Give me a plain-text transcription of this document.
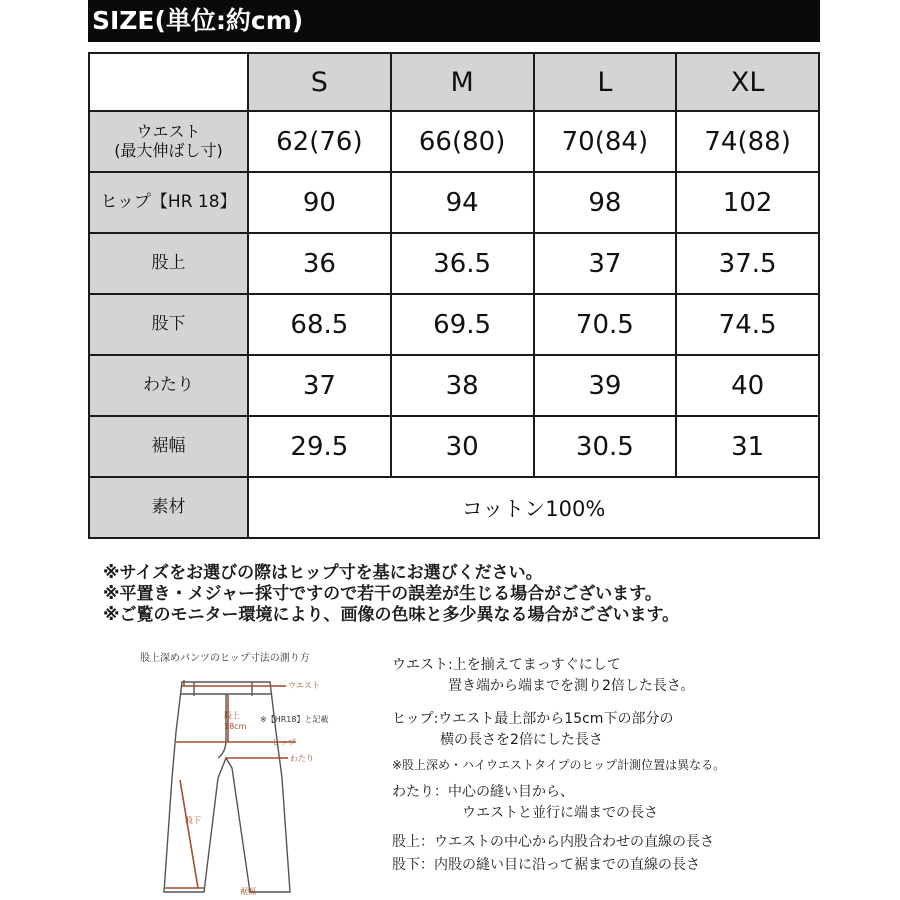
SIZE(単位:約cm)
	S	M	L	XL
ウエスト
(最大伸ばし寸)	62(76)	66(80)	70(84)	74(88)
ヒップ【HR 18】	90	94	98	102
股上	36	36.5	37	37.5
股下	68.5	69.5	70.5	74.5
わたり	37	38	39	40
裾幅	29.5	30	30.5	31
素材	コットン100%			
※サイズをお選びの際はヒップ寸を基にお選びください。
※平置き・メジャー採寸ですので若干の誤差が生じる場合がございます。
※ご覧のモニター環境により、画像の色味と多少異なる場合がございます。
股上深めパンツのヒップ寸法の測り方
ウエスト
股上
18cm
※【HR18】と記載
ヒップ
わたり
股下
裾幅
ウエスト:上を揃えてまっすぐにして
置き端から端までを測り2倍した長さ。
ヒップ:ウエスト最上部から15cm下の部分の
横の長さを2倍にした長さ
※股上深め・ハイウエストタイプのヒップ計測位置は異なる。
わたり：中心の縫い目から、
ウエストと並行に端までの長さ
股上：ウエストの中心から内股合わせの直線の長さ
股下：内股の縫い目に沿って裾までの直線の長さ
